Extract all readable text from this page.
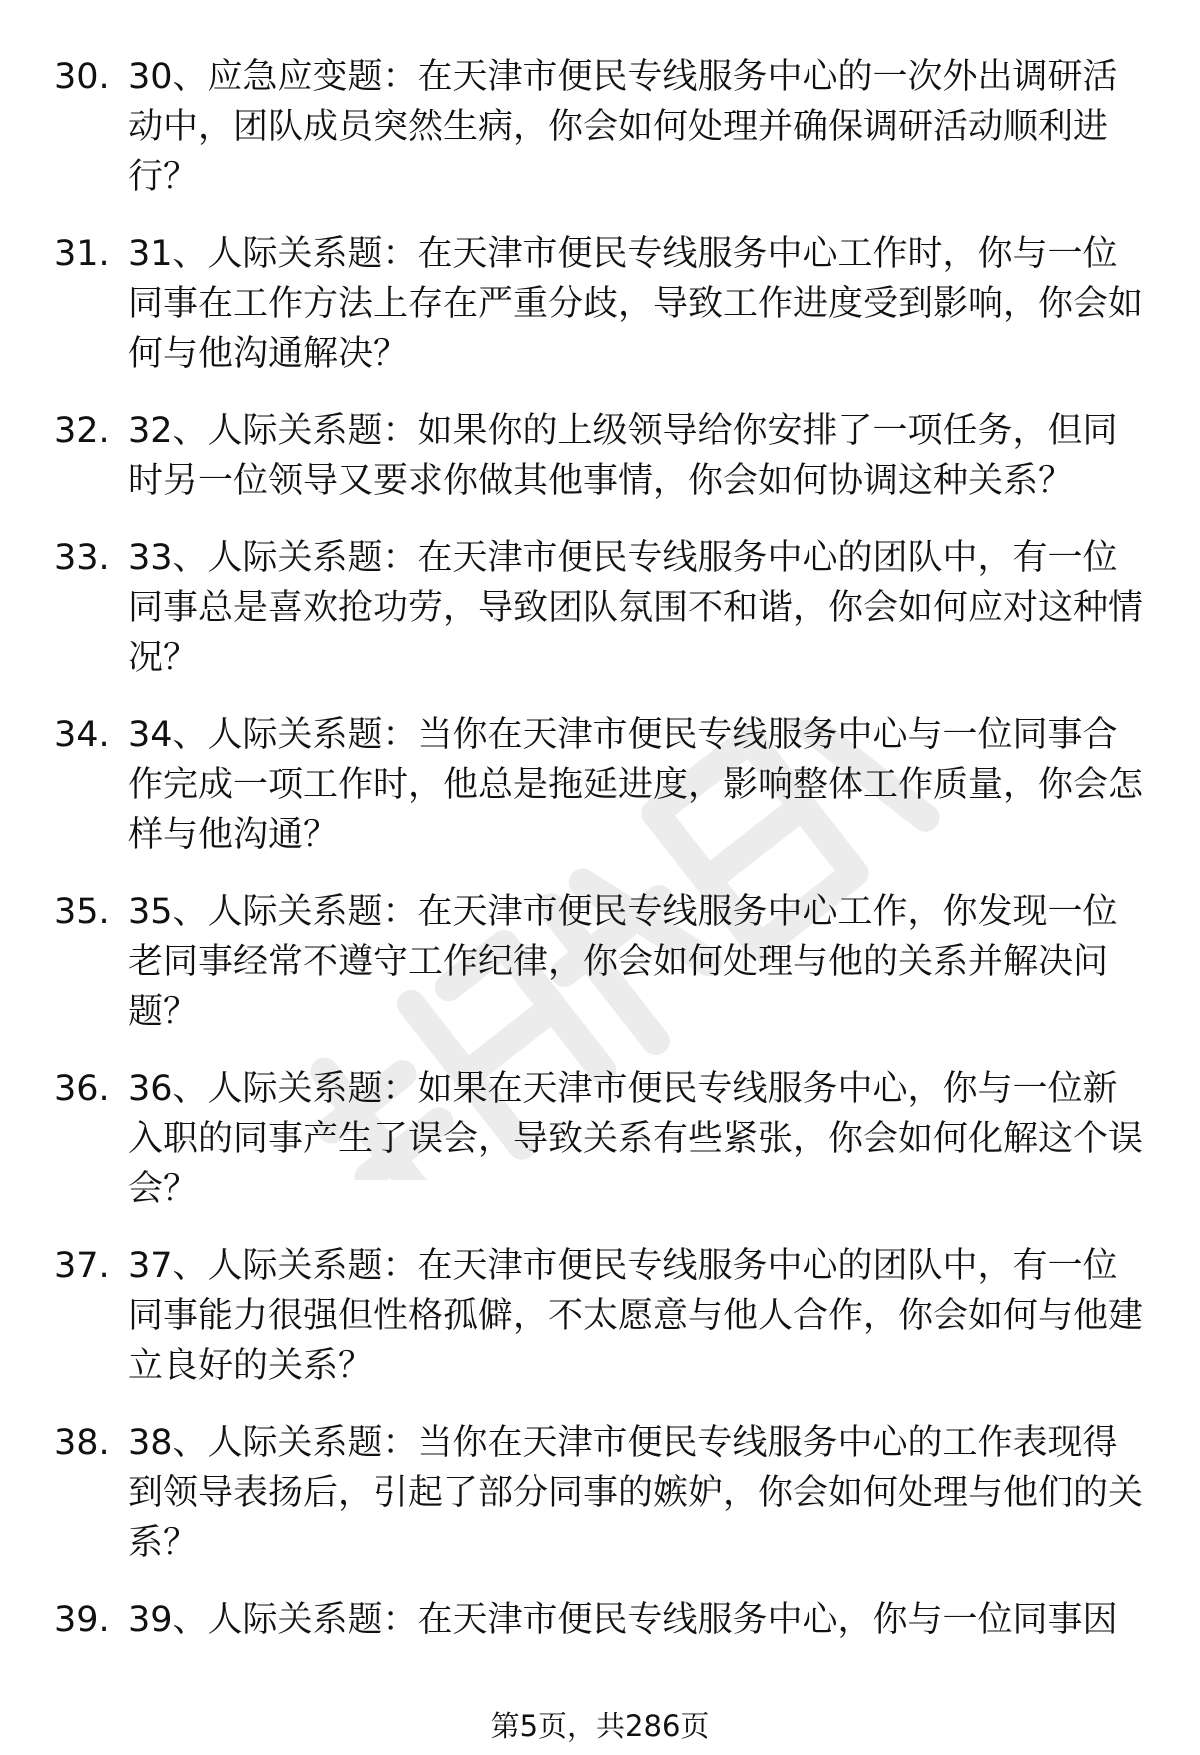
30. 30、应急应变题：在天津市便民专线服务中心的一次外出调研活动中，团队成员突然生病，你会如何处理并确保调研活动顺利进行？
31. 31、人际关系题：在天津市便民专线服务中心工作时，你与一位同事在工作方法上存在严重分歧，导致工作进度受到影响，你会如何与他沟通解决？
32. 32、人际关系题：如果你的上级领导给你安排了一项任务，但同时另一位领导又要求你做其他事情，你会如何协调这种关系？
33. 33、人际关系题：在天津市便民专线服务中心的团队中，有一位同事总是喜欢抢功劳，导致团队氛围不和谐，你会如何应对这种情况？
34. 34、人际关系题：当你在天津市便民专线服务中心与一位同事合作完成一项工作时，他总是拖延进度，影响整体工作质量，你会怎样与他沟通？
35. 35、人际关系题：在天津市便民专线服务中心工作，你发现一位老同事经常不遵守工作纪律，你会如何处理与他的关系并解决问题？
36. 36、人际关系题：如果在天津市便民专线服务中心，你与一位新入职的同事产生了误会，导致关系有些紧张，你会如何化解这个误会？
37. 37、人际关系题：在天津市便民专线服务中心的团队中，有一位同事能力很强但性格孤僻，不太愿意与他人合作，你会如何与他建立良好的关系？
38. 38、人际关系题：当你在天津市便民专线服务中心的工作表现得到领导表扬后，引起了部分同事的嫉妒，你会如何处理与他们的关系？
39. 39、人际关系题：在天津市便民专线服务中心，你与一位同事因
第5页，共286页
